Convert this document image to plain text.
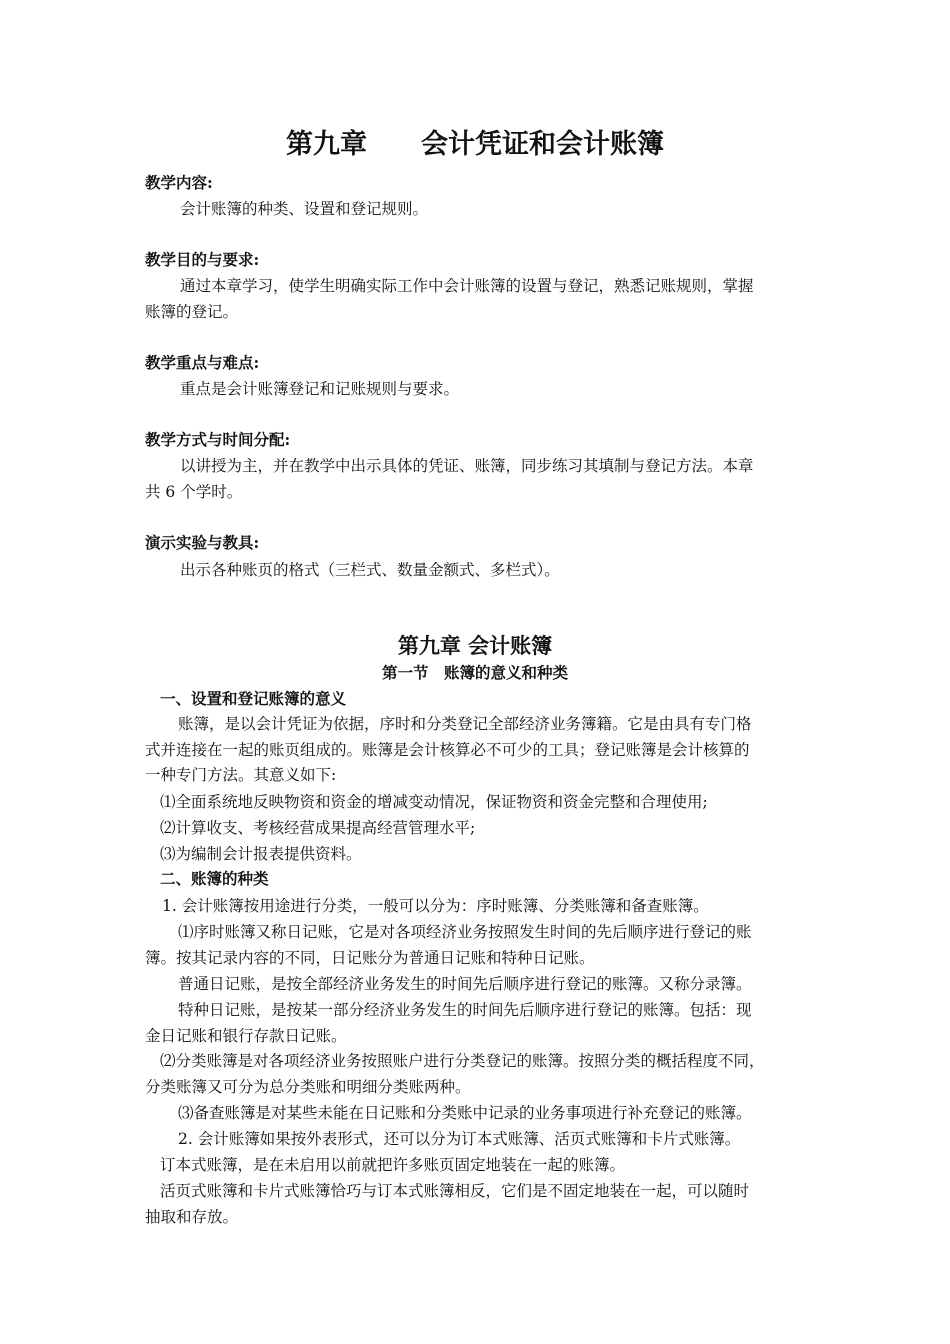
第九章　　会计凭证和会计账簿
教学内容:
会计账簿的种类、设置和登记规则。
教学目的与要求:
通过本章学习，使学生明确实际工作中会计账簿的设置与登记，熟悉记账规则，掌握
账簿的登记。
教学重点与难点:
重点是会计账簿登记和记账规则与要求。
教学方式与时间分配:
以讲授为主，并在教学中出示具体的凭证、账簿，同步练习其填制与登记方法。本章
共 6 个学时。
演示实验与教具:
出示各种账页的格式（三栏式、数量金额式、多栏式）。
第九章 会计账簿
第一节　账簿的意义和种类
一、设置和登记账簿的意义
账簿，是以会计凭证为依据，序时和分类登记全部经济业务簿籍。它是由具有专门格
式并连接在一起的账页组成的。账簿是会计核算必不可少的工具；登记账簿是会计核算的
一种专门方法。其意义如下:
⑴全面系统地反映物资和资金的增减变动情况，保证物资和资金完整和合理使用;
⑵计算收支、考核经营成果提高经营管理水平;
⑶为编制会计报表提供资料。
二、账簿的种类
1. 会计账簿按用途进行分类，一般可以分为：序时账簿、分类账簿和备查账簿。
⑴序时账簿又称日记账，它是对各项经济业务按照发生时间的先后顺序进行登记的账
簿。按其记录内容的不同，日记账分为普通日记账和特种日记账。
普通日记账，是按全部经济业务发生的时间先后顺序进行登记的账簿。又称分录簿。
特种日记账，是按某一部分经济业务发生的时间先后顺序进行登记的账簿。包括：现
金日记账和银行存款日记账。
⑵分类账簿是对各项经济业务按照账户进行分类登记的账簿。按照分类的概括程度不同，
分类账簿又可分为总分类账和明细分类账两种。
⑶备查账簿是对某些未能在日记账和分类账中记录的业务事项进行补充登记的账簿。
2. 会计账簿如果按外表形式，还可以分为订本式账簿、活页式账簿和卡片式账簿。
订本式账簿，是在未启用以前就把许多账页固定地装在一起的账簿。
活页式账簿和卡片式账簿恰巧与订本式账簿相反，它们是不固定地装在一起，可以随时
抽取和存放。
